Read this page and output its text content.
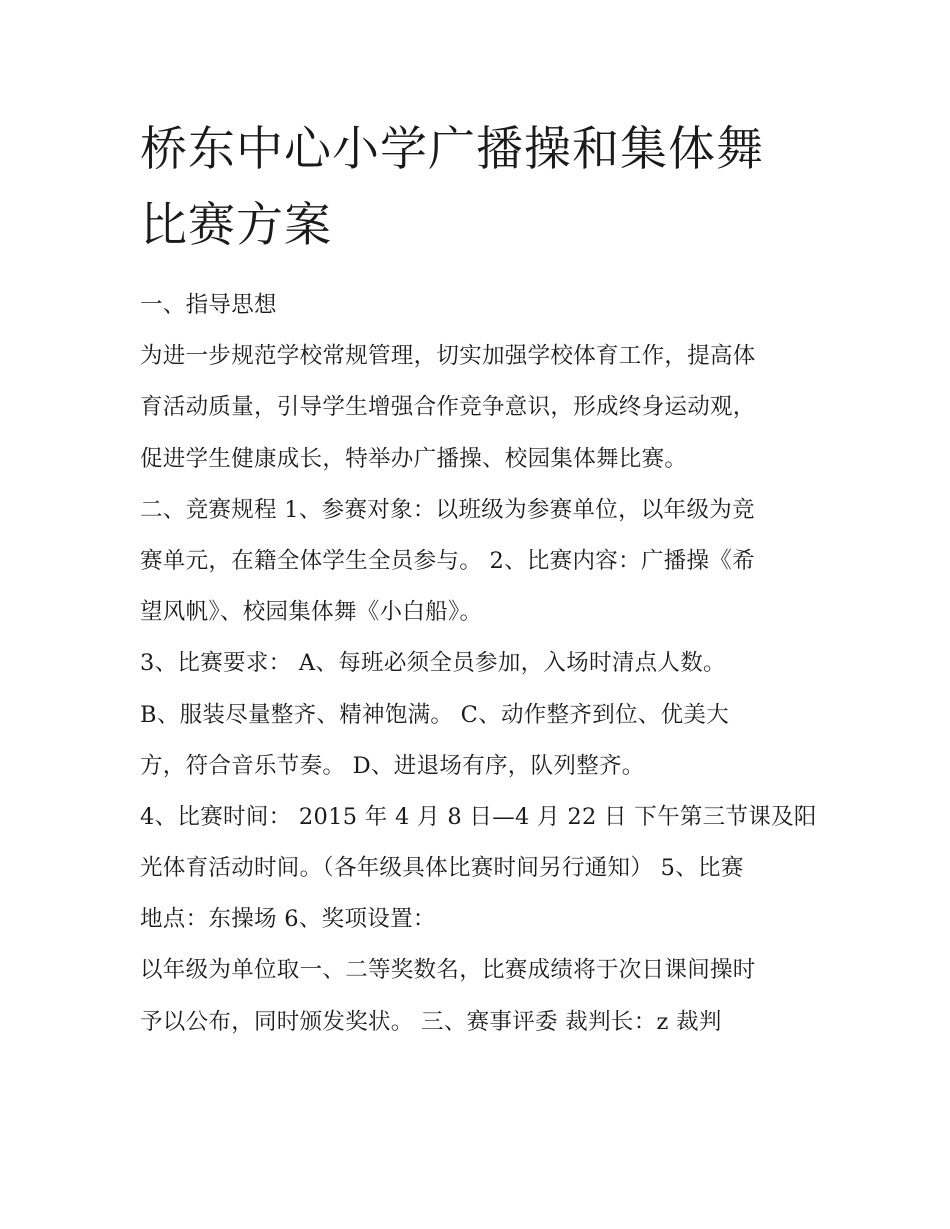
桥东中心小学广播操和集体舞
比赛方案
一、指导思想
为进一步规范学校常规管理，切实加强学校体育工作，提高体
育活动质量，引导学生增强合作竞争意识，形成终身运动观，
促进学生健康成长，特举办广播操、校园集体舞比赛。
二、竞赛规程 1、参赛对象：以班级为参赛单位，以年级为竞
赛单元，在籍全体学生全员参与。 2、比赛内容：广播操《希
望风帆》、校园集体舞《小白船》。
3、比赛要求： A、每班必须全员参加，入场时清点人数。
B、服装尽量整齐、精神饱满。 C、动作整齐到位、优美大
方，符合音乐节奏。 D、进退场有序，队列整齐。
4、比赛时间： 2015 年 4 月 8 日—4 月 22 日 下午第三节课及阳
光体育活动时间。（各年级具体比赛时间另行通知） 5、比赛
地点：东操场 6、奖项设置：
以年级为单位取一、二等奖数名，比赛成绩将于次日课间操时
予以公布，同时颁发奖状。 三、赛事评委 裁判长：z 裁判
